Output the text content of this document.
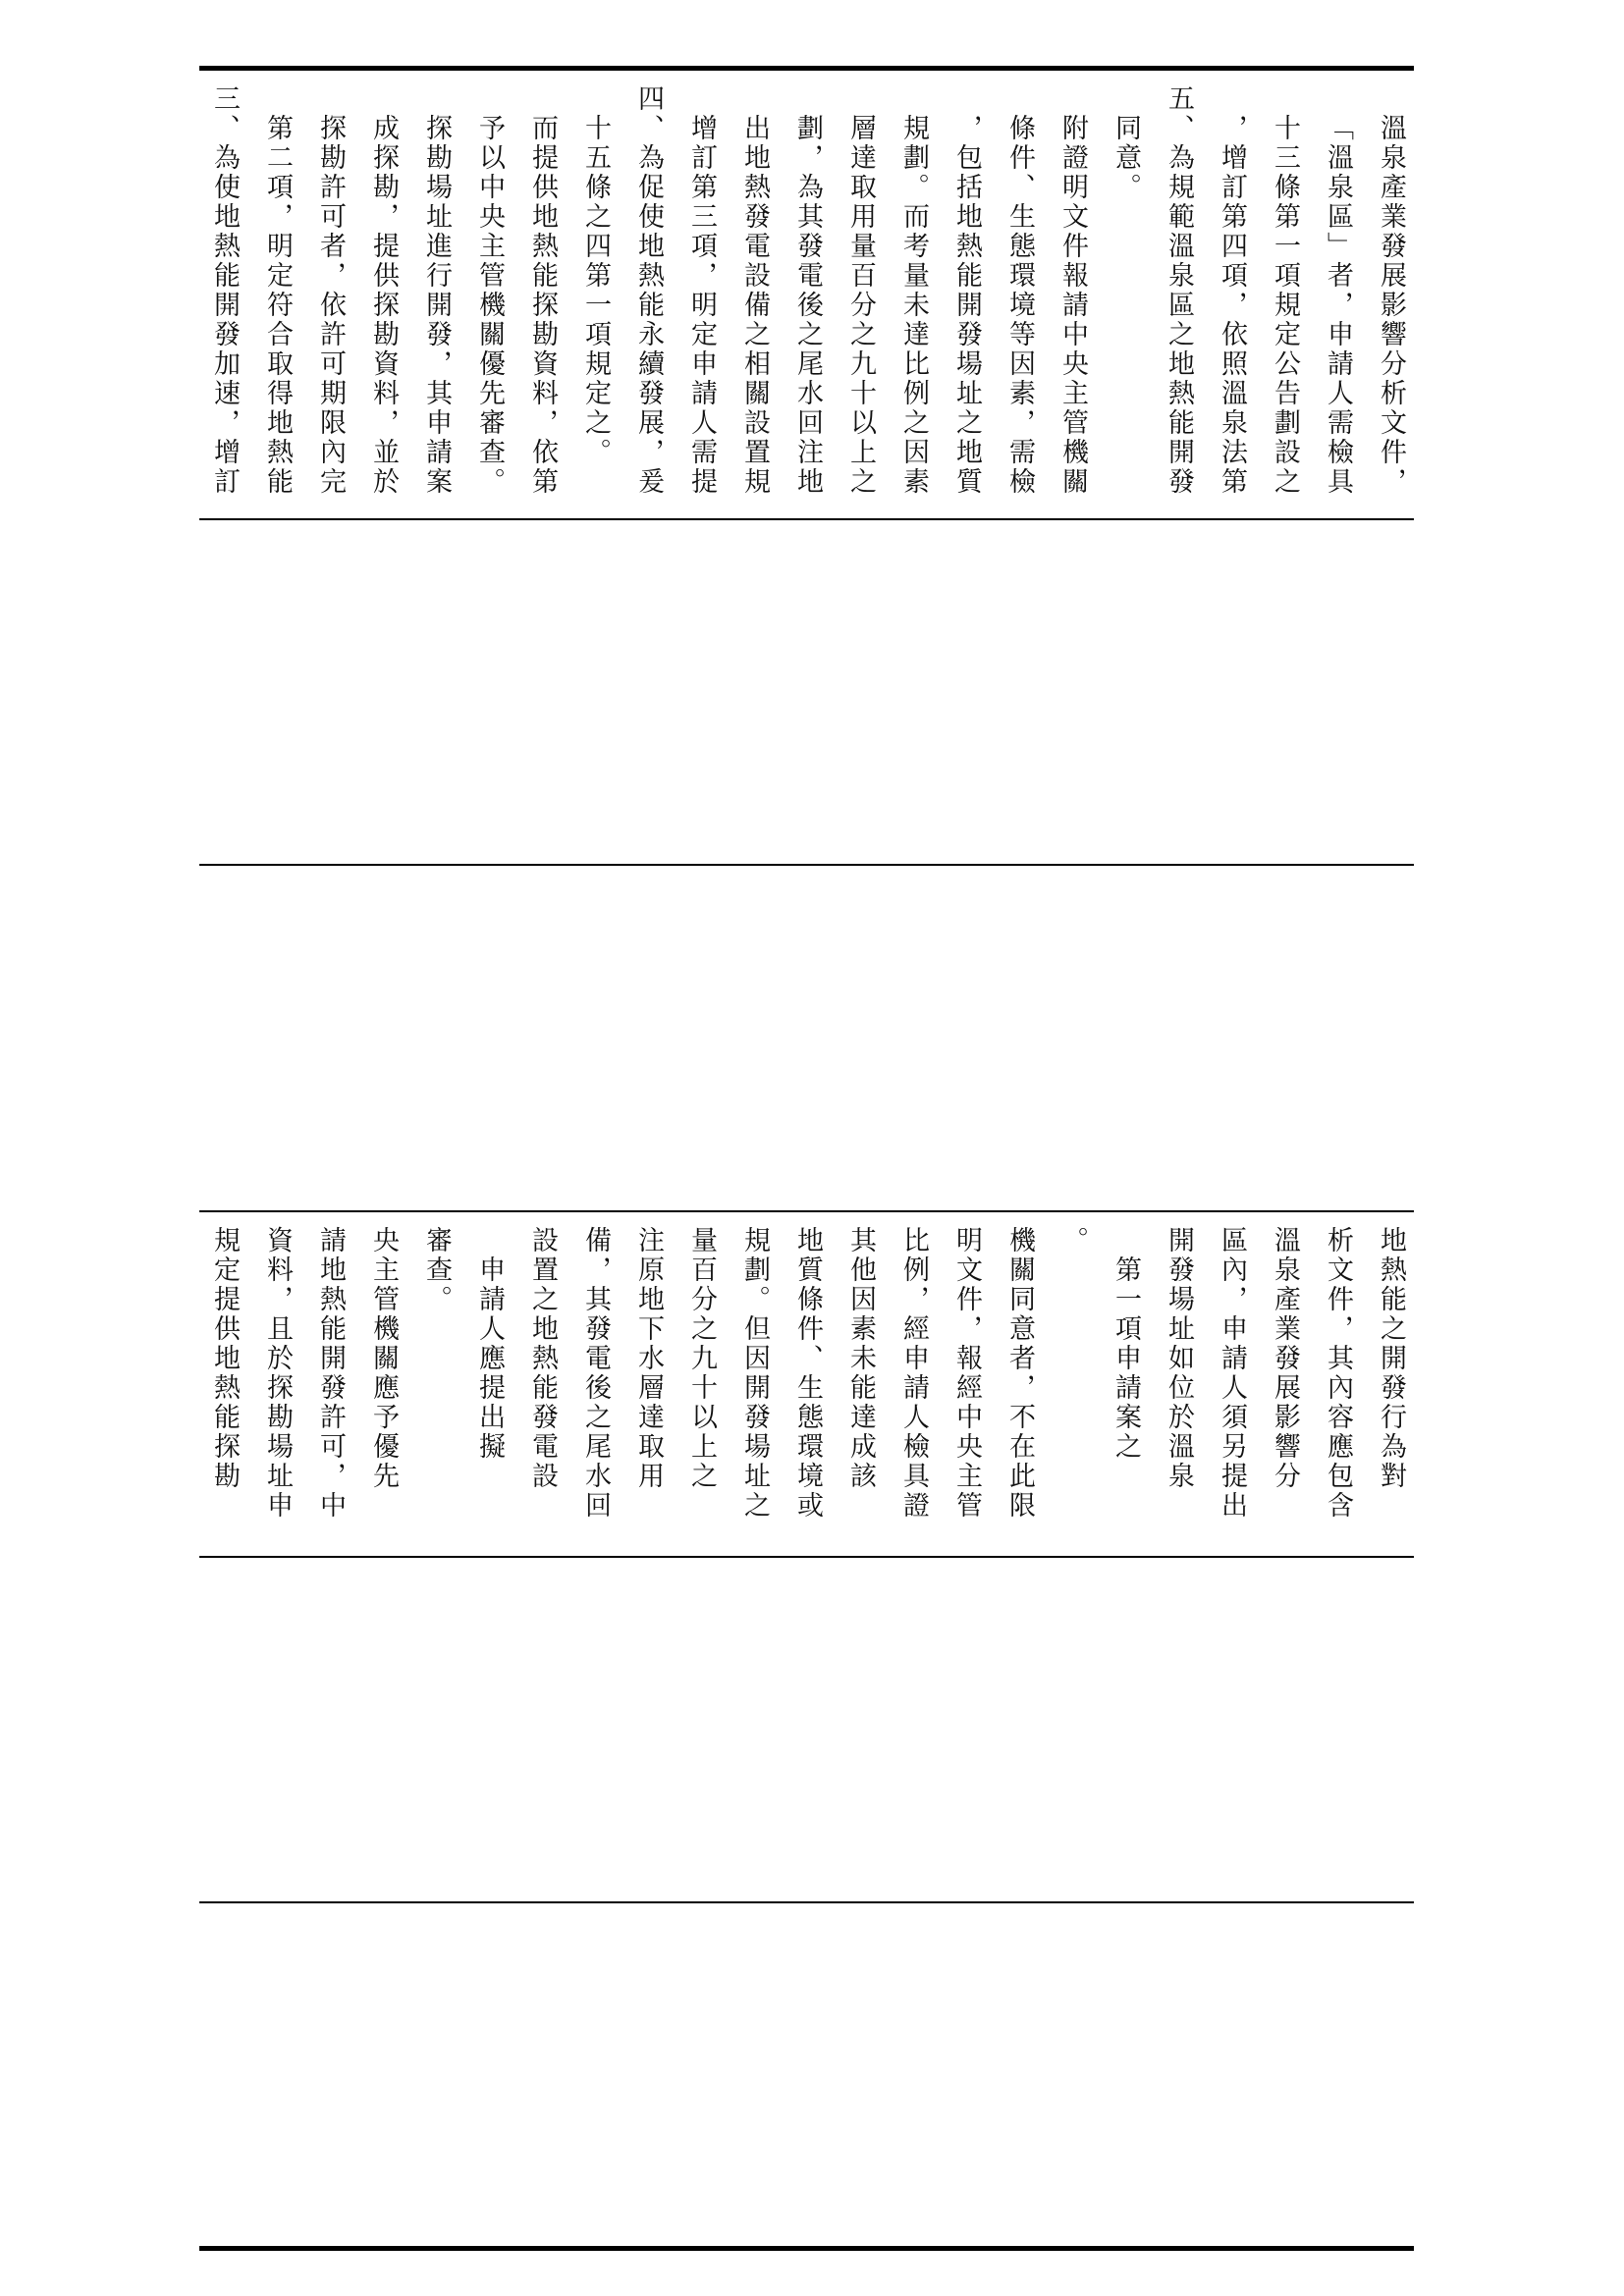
三、為使地熱能開發加速，增訂 第二項，明定符合取得地熱能 探勘許可者，依許可期限內完 成探勘，提供探勘資料，並於 探勘場址進行開發，其申請案 予以中央主管機關優先審查。 而提供地熱能探勘資料，依第 十五條之四第一項規定之。 四、為促使地熱能永續發展，爰 增訂第三項，明定申請人需提 出地熱發電設備之相關設置規 劃，為其發電後之尾水回注地 層達取用量百分之九十以上之 規劃。而考量未達比例之因素 ，包括地熱能開發場址之地質 條件、生態環境等因素，需檢 附證明文件報請中央主管機關 同意。 五、為規範溫泉區之地熱能開發 ，增訂第四項，依照溫泉法第 十三條第一項規定公告劃設之 「溫泉區」者，申請人需檢具 溫泉產業發展影響分析文件，
規定提供地熱能探勘 資料，且於探勘場址申 請地熱能開發許可，中 央主管機關應予優先 審查。 　申請人應提出擬 設置之地熱能發電設 備，其發電後之尾水回 注原地下水層達取用 量百分之九十以上之 規劃。但因開發場址之 地質條件、生態環境或 其他因素未能達成該 比例，經申請人檢具證 明文件，報經中央主管 機關同意者，不在此限 。 　第一項申請案之 開發場址如位於溫泉 區內，申請人須另提出 溫泉產業發展影響分 析文件，其內容應包含 地熱能之開發行為對
